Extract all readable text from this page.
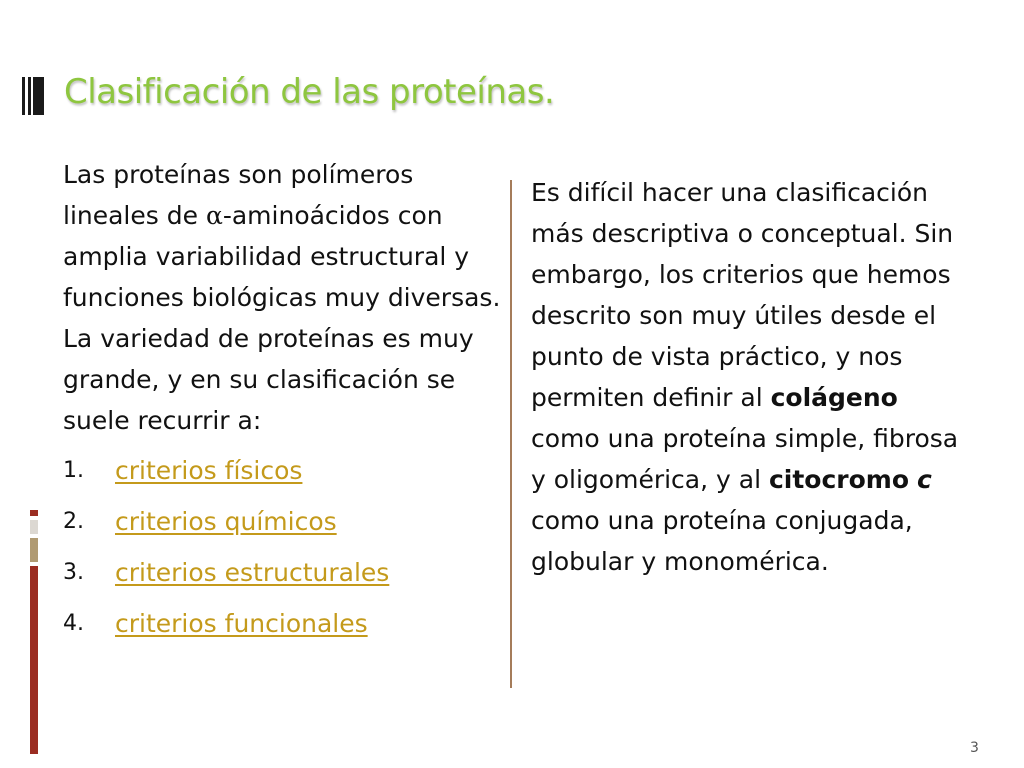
Clasificación de las proteínas.

Las proteínas son polímeros lineales de α-aminoácidos con amplia variabilidad estructural y funciones biológicas muy diversas. La variedad de proteínas es muy grande, y en su clasificación se suele recurrir a:

1. criterios físicos
2. criterios químicos
3. criterios estructurales
4. criterios funcionales

Es difícil hacer una clasificación más descriptiva o conceptual. Sin embargo, los criterios que hemos descrito son muy útiles desde el punto de vista práctico, y nos permiten definir al colágeno como una proteína simple, fibrosa y oligomérica, y al citocromo c como una proteína conjugada, globular y monomérica.

3
